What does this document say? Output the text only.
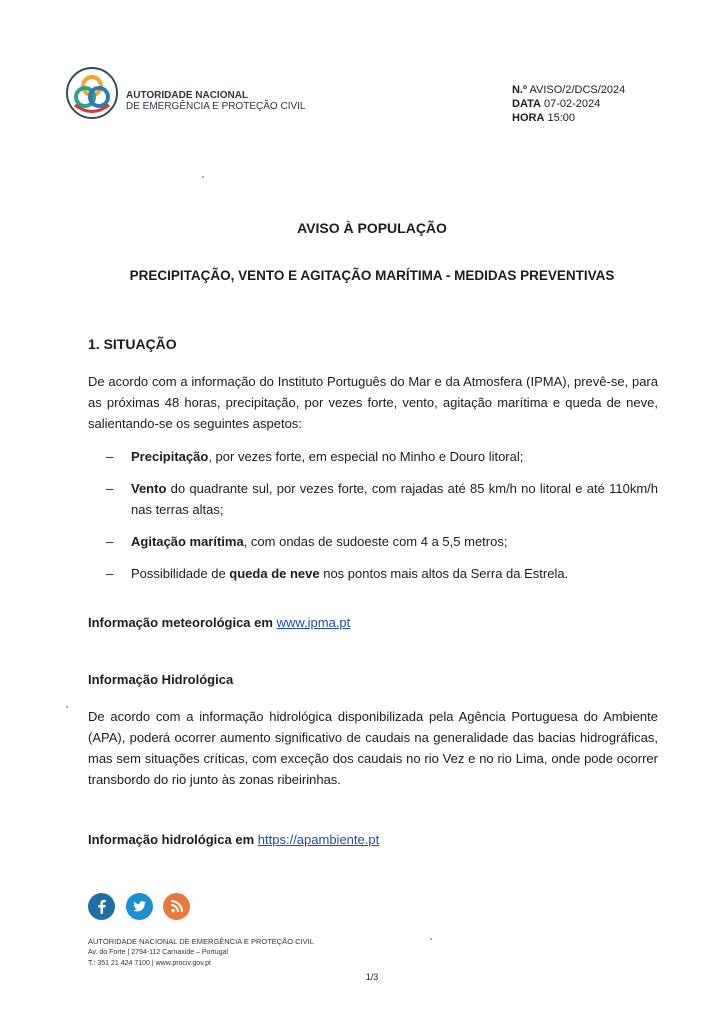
AUTORIDADE NACIONAL
DE EMERGÊNCIA E PROTEÇÃO CIVIL
N.º AVISO/2/DCS/2024
DATA 07-02-2024
HORA 15:00
AVISO À POPULAÇÃO
PRECIPITAÇÃO, VENTO E AGITAÇÃO MARÍTIMA - MEDIDAS PREVENTIVAS
1. SITUAÇÃO
De acordo com a informação do Instituto Português do Mar e da Atmosfera (IPMA), prevê-se, para as próximas 48 horas, precipitação, por vezes forte, vento, agitação marítima e queda de neve, salientando-se os seguintes aspetos:
– Precipitação, por vezes forte, em especial no Minho e Douro litoral;
– Vento do quadrante sul, por vezes forte, com rajadas até 85 km/h no litoral e até 110km/h nas terras altas;
– Agitação marítima, com ondas de sudoeste com 4 a 5,5 metros;
– Possibilidade de queda de neve nos pontos mais altos da Serra da Estrela.
Informação meteorológica em www.ipma.pt
Informação Hidrológica
De acordo com a informação hidrológica disponibilizada pela Agência Portuguesa do Ambiente (APA), poderá ocorrer aumento significativo de caudais na generalidade das bacias hidrográficas, mas sem situações críticas, com exceção dos caudais no rio Vez e no rio Lima, onde pode ocorrer transbordo do rio junto às zonas ribeirinhas.
Informação hidrológica em https://apambiente.pt
AUTORIDADE NACIONAL DE EMERGÊNCIA E PROTEÇÃO CIVIL
Av. do Forte | 2794-112 Carnaxide – Portugal
T.: 351 21 424 7100 | www.prociv.gov.pt
1/3
